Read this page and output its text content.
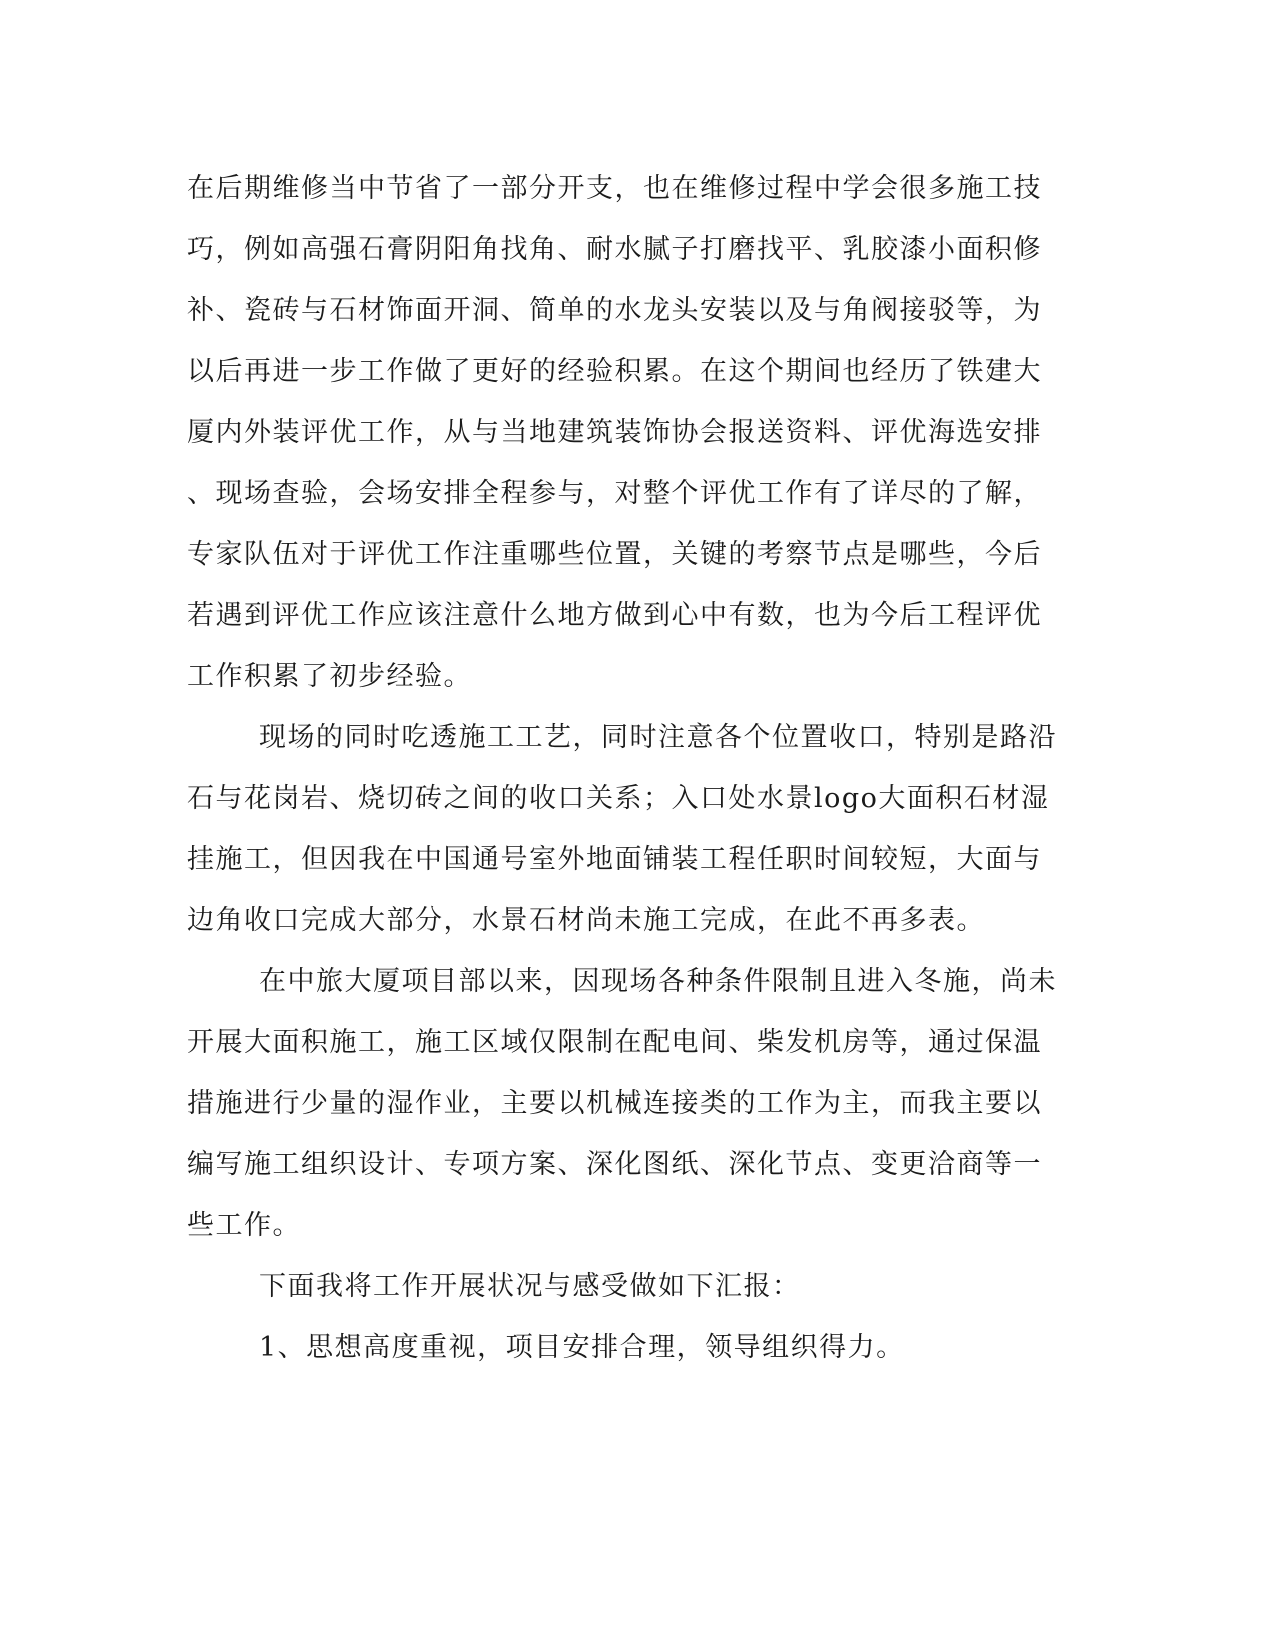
在后期维修当中节省了一部分开支，也在维修过程中学会很多施工技
巧，例如高强石膏阴阳角找角、耐水腻子打磨找平、乳胶漆小面积修
补、瓷砖与石材饰面开洞、简单的水龙头安装以及与角阀接驳等，为
以后再进一步工作做了更好的经验积累。在这个期间也经历了铁建大
厦内外装评优工作，从与当地建筑装饰协会报送资料、评优海选安排
、现场查验，会场安排全程参与，对整个评优工作有了详尽的了解，
专家队伍对于评优工作注重哪些位置，关键的考察节点是哪些，今后
若遇到评优工作应该注意什么地方做到心中有数，也为今后工程评优
工作积累了初步经验。
现场的同时吃透施工工艺，同时注意各个位置收口，特别是路沿
石与花岗岩、烧切砖之间的收口关系；入口处水景logo大面积石材湿
挂施工，但因我在中国通号室外地面铺装工程任职时间较短，大面与
边角收口完成大部分，水景石材尚未施工完成，在此不再多表。
在中旅大厦项目部以来，因现场各种条件限制且进入冬施，尚未
开展大面积施工，施工区域仅限制在配电间、柴发机房等，通过保温
措施进行少量的湿作业，主要以机械连接类的工作为主，而我主要以
编写施工组织设计、专项方案、深化图纸、深化节点、变更洽商等一
些工作。
下面我将工作开展状况与感受做如下汇报：
1、思想高度重视，项目安排合理，领导组织得力。
